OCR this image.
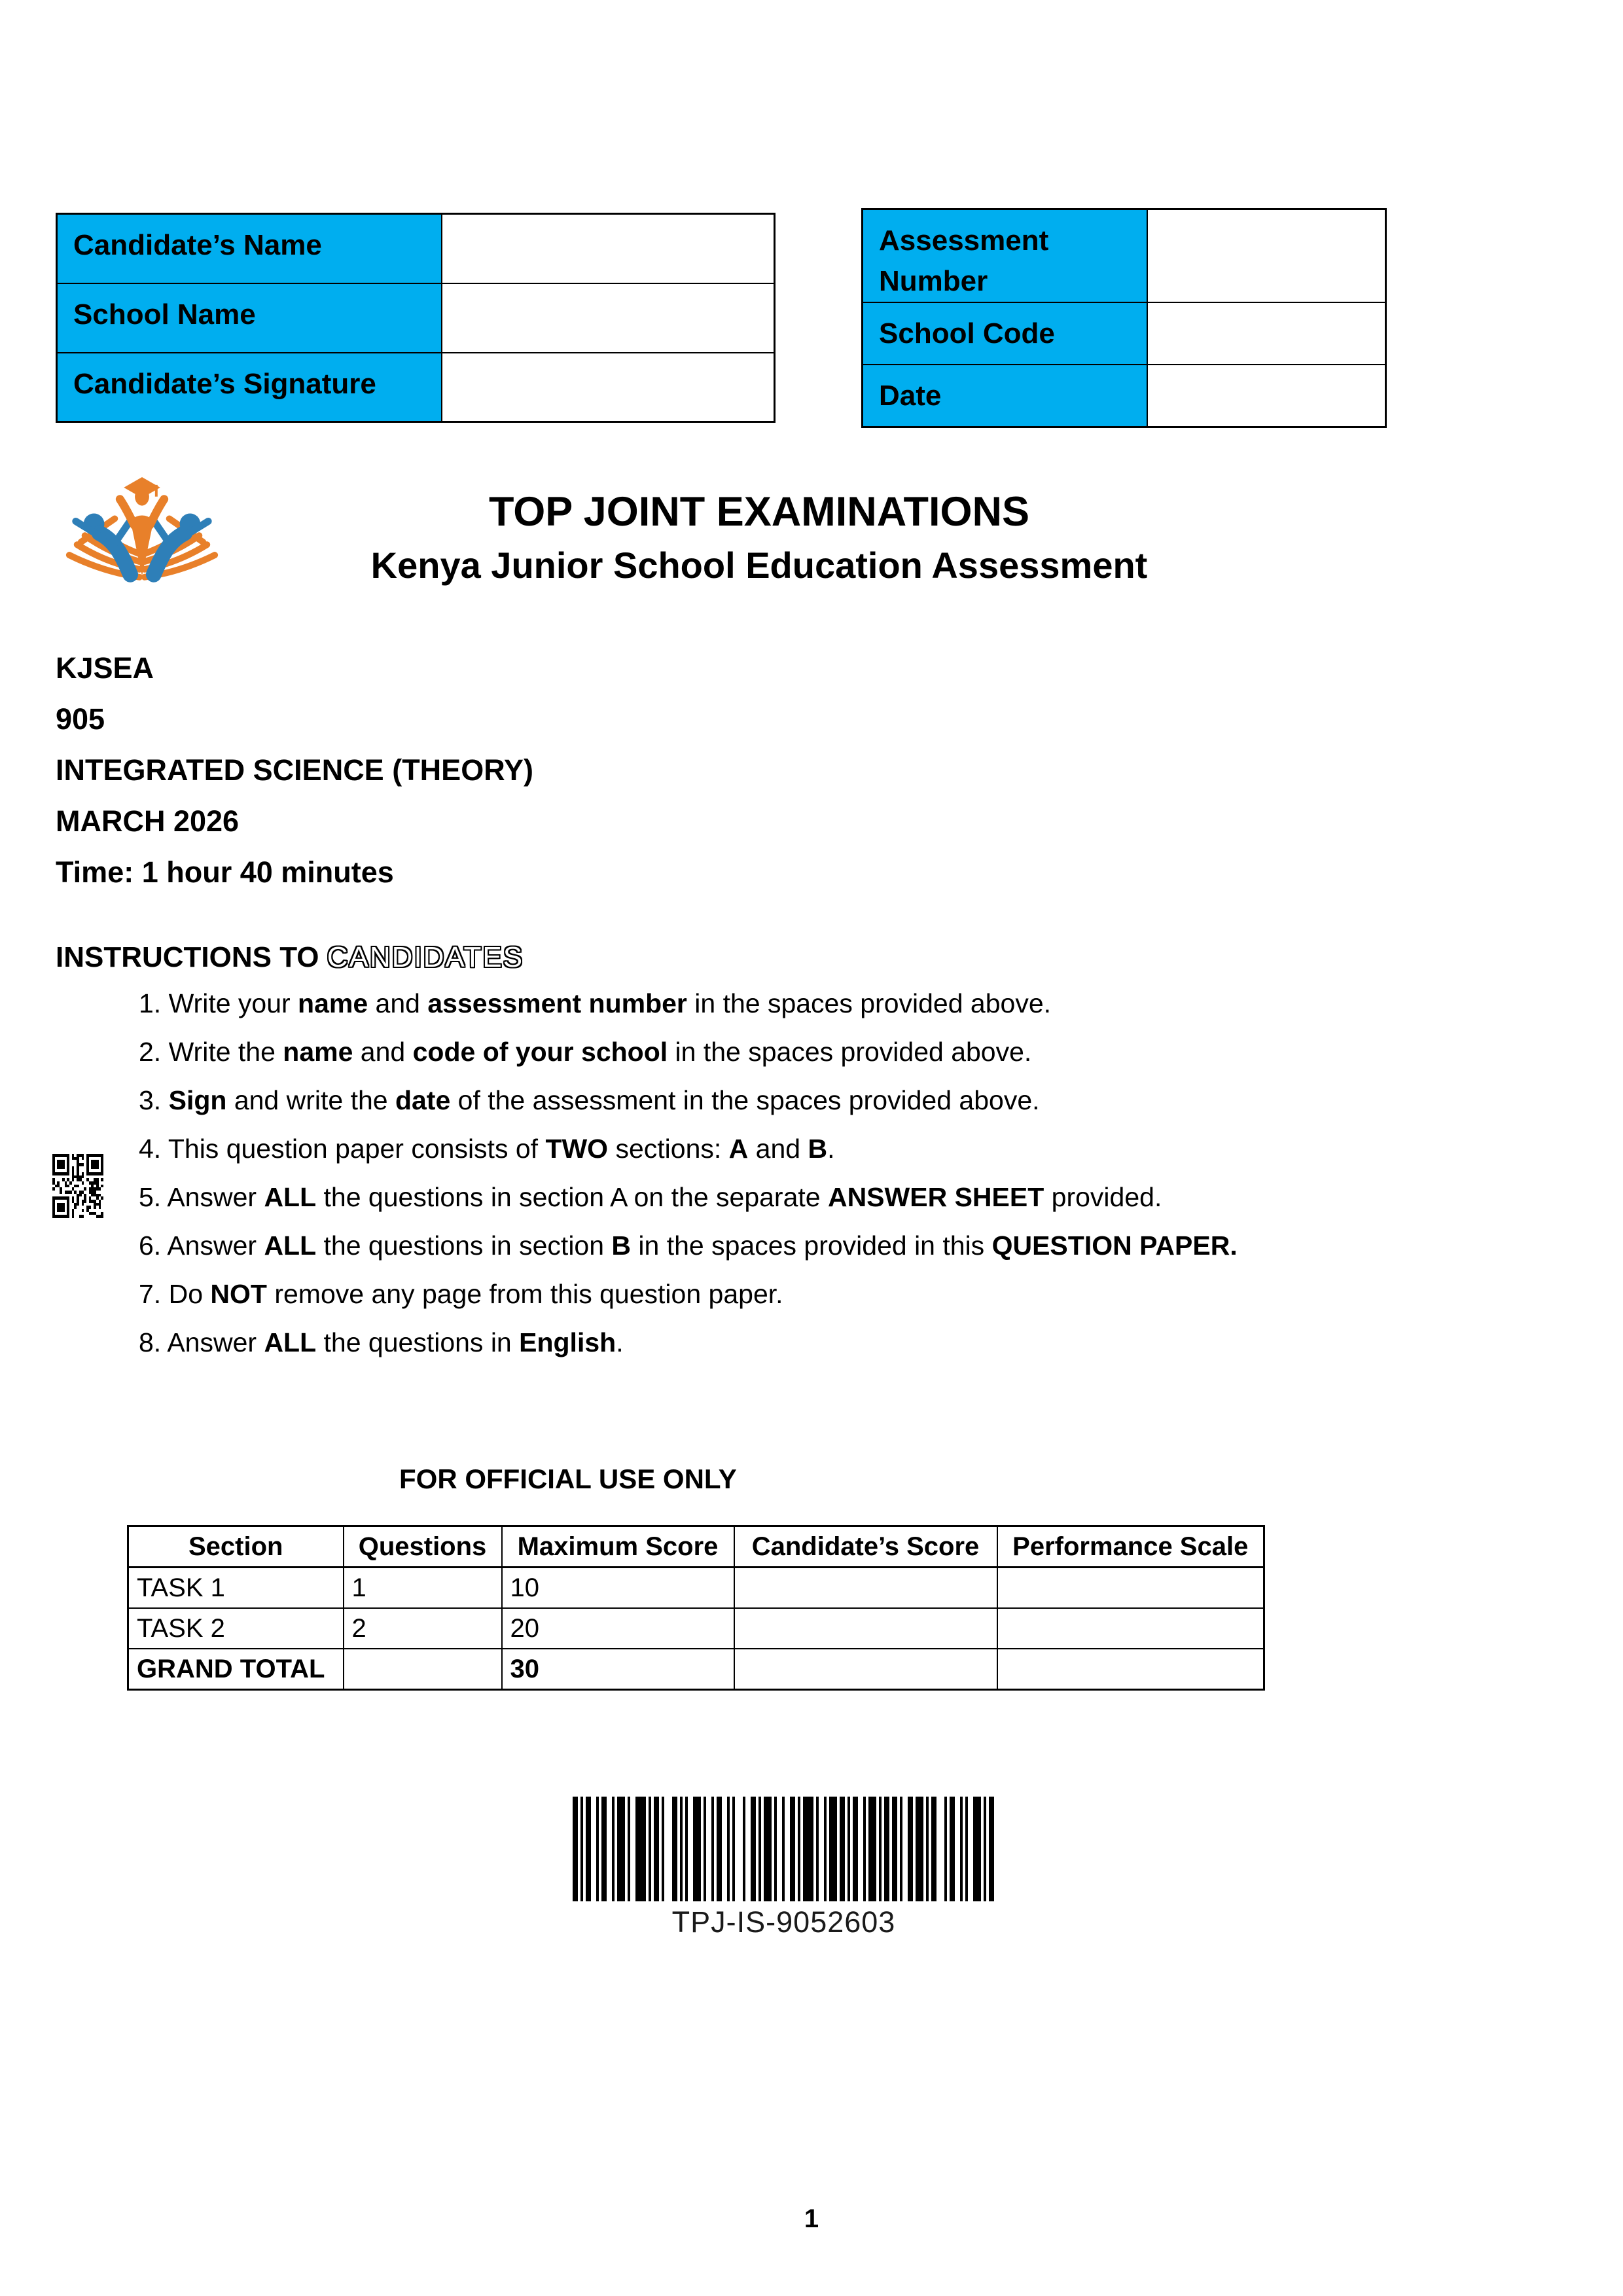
Candidate’s Name	
School Name	
Candidate’s Signature	
Assessment Number	
School Code	
Date	
TOP JOINT EXAMINATIONS
Kenya Junior School Education Assessment
KJSEA
905
INTEGRATED SCIENCE (THEORY)
MARCH 2026
Time: 1 hour 40 minutes
INSTRUCTIONS TO CANDIDATES
1. Write your name and assessment number in the spaces provided above.
2. Write the name and code of your school in the spaces provided above.
3. Sign and write the date of the assessment in the spaces provided above.
4. This question paper consists of TWO sections: A and B.
5. Answer ALL the questions in section A on the separate ANSWER SHEET provided.
6. Answer ALL the questions in section B in the spaces provided in this QUESTION PAPER.
7. Do NOT remove any page from this question paper.
8. Answer ALL the questions in English.
FOR OFFICIAL USE ONLY
Section	Questions	Maximum Score	Candidate’s Score	Performance Scale
TASK 1	1	10		
TASK 2	2	20		
GRAND TOTAL		30		
TPJ-IS-9052603
1
